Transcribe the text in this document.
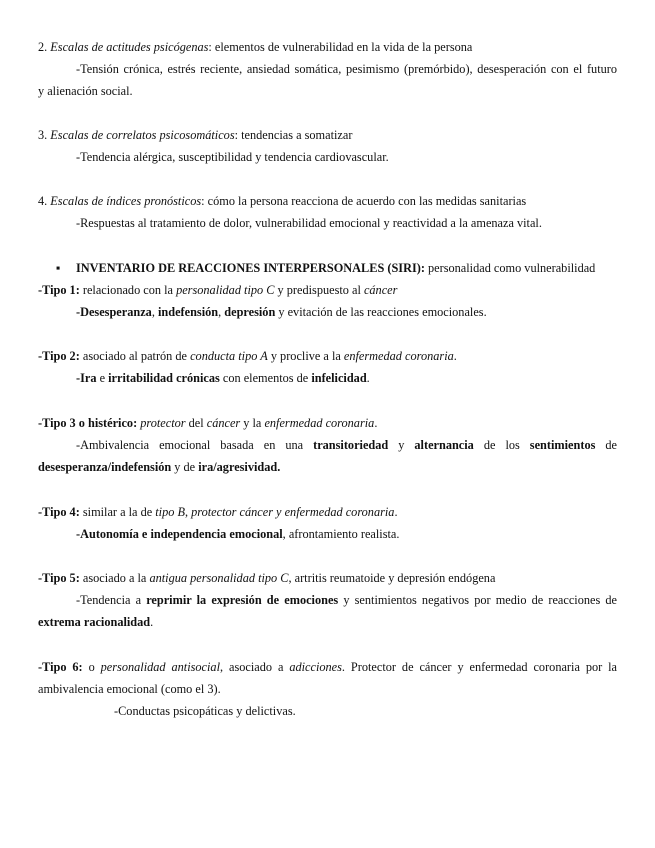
2. Escalas de actitudes psicógenas: elementos de vulnerabilidad en la vida de la persona
-Tensión crónica, estrés reciente, ansiedad somática, pesimismo (premórbido), desesperación con el futuro
y alienación social.
3. Escalas de correlatos psicosomáticos: tendencias a somatizar
-Tendencia alérgica, susceptibilidad y tendencia cardiovascular.
4. Escalas de índices pronósticos: cómo la persona reacciona de acuerdo con las medidas sanitarias
-Respuestas al tratamiento de dolor, vulnerabilidad emocional y reactividad a la amenaza vital.
▪ INVENTARIO DE REACCIONES INTERPERSONALES (SIRI): personalidad como vulnerabilidad
-Tipo 1: relacionado con la personalidad tipo C y predispuesto al cáncer
-Desesperanza, indefensión, depresión y evitación de las reacciones emocionales.
-Tipo 2: asociado al patrón de conducta tipo A y proclive a la enfermedad coronaria.
-Ira e irritabilidad crónicas con elementos de infelicidad.
-Tipo 3 o histérico: protector del cáncer y la enfermedad coronaria.
-Ambivalencia emocional basada en una transitoriedad y alternancia de los sentimientos de
desesperanza/indefensión y de ira/agresividad.
-Tipo 4: similar a la de tipo B, protector cáncer y enfermedad coronaria.
-Autonomía e independencia emocional, afrontamiento realista.
-Tipo 5: asociado a la antigua personalidad tipo C, artritis reumatoide y depresión endógena
-Tendencia a reprimir la expresión de emociones y sentimientos negativos por medio de reacciones de
extrema racionalidad.
-Tipo 6: o personalidad antisocial, asociado a adicciones. Protector de cáncer y enfermedad coronaria por la
ambivalencia emocional (como el 3).
-Conductas psicopáticas y delictivas.
